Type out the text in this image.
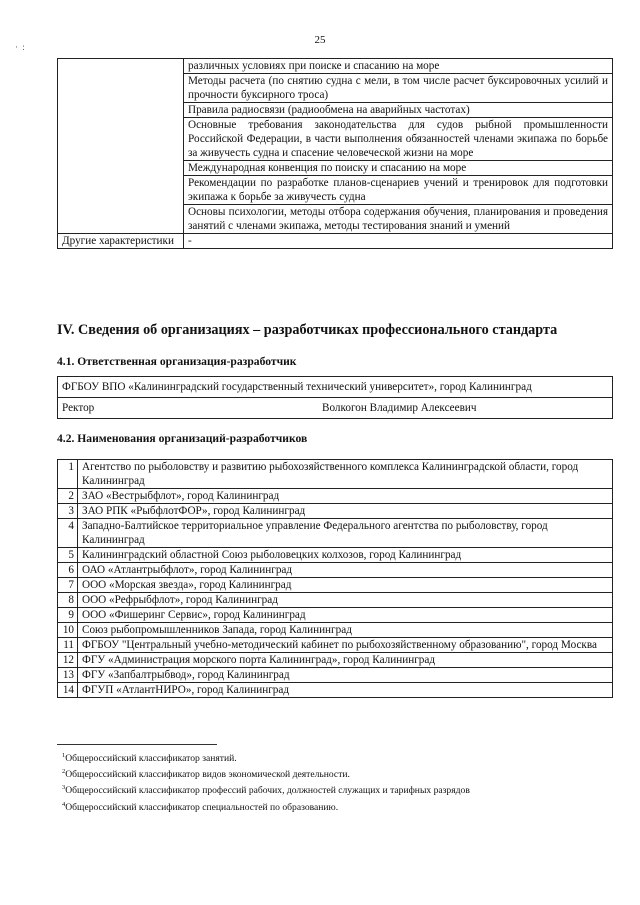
· :
25
	различных условиях при поиске и спасанию на море
	Методы расчета (по снятию судна с мели, в том числе расчет буксировочных усилий и прочности буксирного троса)
	Правила радиосвязи (радиообмена на аварийных частотах)
	Основные требования законодательства для судов рыбной промышленности Российской Федерации, в части выполнения обязанностей членами экипажа по борьбе за живучесть судна и спасение человеческой жизни на море
	Международная конвенция по поиску и спасанию на море
	Рекомендации по разработке планов-сценариев учений и тренировок для подготовки экипажа к борьбе за живучесть судна
	Основы психологии, методы отбора содержания обучения, планирования и проведения занятий с членами экипажа, методы тестирования знаний и умений
Другие характеристики	-
IV. Сведения об организациях – разработчиках профессионального стандарта
4.1. Ответственная организация-разработчик
ФГБОУ ВПО «Калининградский государственный технический университет», город Калининград

Ректор	Волкогон Владимир Алексеевич
4.2. Наименования организаций-разработчиков
1	Агентство по рыболовству и развитию рыбохозяйственного комплекса Калининградской области, город Калининград
2	ЗАО «Вестрыбфлот», город Калининград
3	ЗАО РПК «РыбфлотФОР», город Калининград
4	Западно-Балтийское территориальное управление Федерального агентства по рыболовству, город Калининград
5	Калининградский областной Союз рыболовецких колхозов, город Калининград
6	ОАО «Атлантрыбфлот», город Калининград
7	ООО «Морская звезда», город Калининград
8	ООО «Рефрыбфлот», город Калининград
9	ООО «Фишеринг Сервис», город Калининград
10	Союз рыбопромышленников Запада, город Калининград
11	ФГБОУ "Центральный учебно-методический кабинет по рыбохозяйственному образованию", город Москва
12	ФГУ «Администрация морского порта Калининград», город Калининград
13	ФГУ «Запбалтрыбвод», город Калининград
14	ФГУП «АтлантНИРО», город Калининград
$^1$Общероссийский классификатор занятий.
$^2$Общероссийский классификатор видов экономической деятельности.
$^3$Общероссийский классификатор профессий рабочих, должностей служащих и тарифных разрядов
$^4$Общероссийский классификатор специальностей по образованию.
